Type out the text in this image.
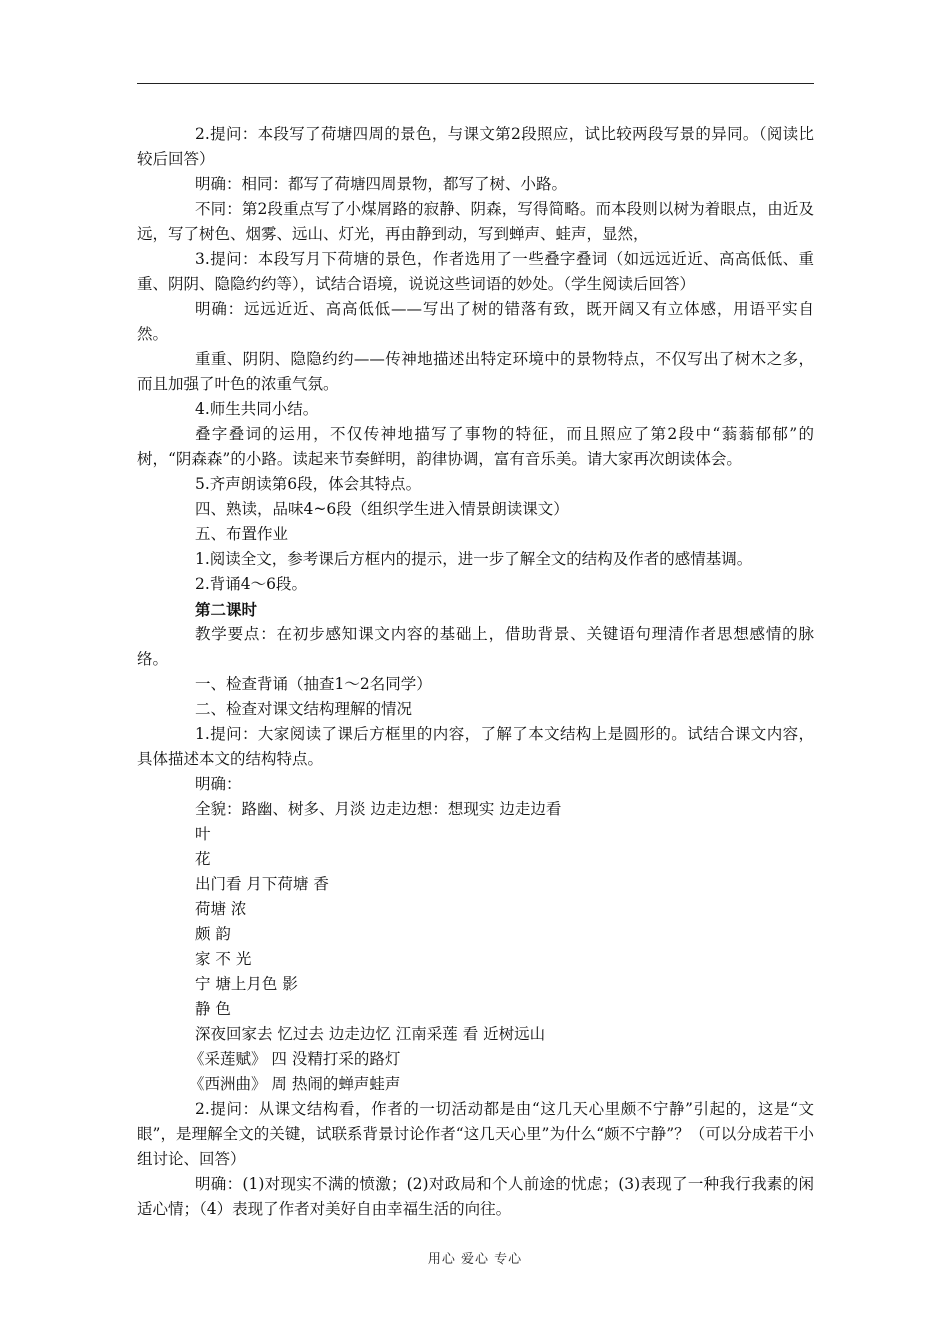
2.提问：本段写了荷塘四周的景色，与课文第2段照应，试比较两段写景的异同。（阅读比较后回答）

明确：相同：都写了荷塘四周景物，都写了树、小路。

不同：第2段重点写了小煤屑路的寂静、阴森，写得简略。而本段则以树为着眼点，由近及远，写了树色、烟雾、远山、灯光，再由静到动，写到蝉声、蛙声，显然，

3.提问：本段写月下荷塘的景色，作者选用了一些叠字叠词（如远远近近、高高低低、重重、阴阴、隐隐约约等），试结合语境，说说这些词语的妙处。（学生阅读后回答）

明确：远远近近、高高低低——写出了树的错落有致，既开阔又有立体感，用语平实自然。

重重、阴阴、隐隐约约——传神地描述出特定环境中的景物特点，不仅写出了树木之多，而且加强了叶色的浓重气氛。

4.师生共同小结。

叠字叠词的运用，不仅传神地描写了事物的特征，而且照应了第2段中“蓊蓊郁郁”的树，“阴森森”的小路。读起来节奏鲜明，韵律协调，富有音乐美。请大家再次朗读体会。

5.齐声朗读第6段，体会其特点。

四、熟读，品味4~6段（组织学生进入情景朗读课文）

五、布置作业

1.阅读全文，参考课后方框内的提示，进一步了解全文的结构及作者的感情基调。

2.背诵4～6段。

第二课时

教学要点：在初步感知课文内容的基础上，借助背景、关键语句理清作者思想感情的脉络。

一、检查背诵（抽查1～2名同学）

二、检查对课文结构理解的情况

1.提问：大家阅读了课后方框里的内容，了解了本文结构上是圆形的。试结合课文内容，具体描述本文的结构特点。

明确：

全貌：路幽、树多、月淡 边走边想：想现实 边走边看

叶

花

出门看 月下荷塘 香

荷塘 浓

颇 韵

家 不 光

宁 塘上月色 影

静 色

深夜回家去 忆过去 边走边忆 江南采莲 看 近树远山

《采莲赋》 四 没精打采的路灯

《西洲曲》 周 热闹的蝉声蛙声

2.提问：从课文结构看，作者的一切活动都是由“这几天心里颇不宁静”引起的，这是“文眼”，是理解全文的关键，试联系背景讨论作者“这几天心里”为什么“颇不宁静”？（可以分成若干小组讨论、回答）

明确：(1)对现实不满的愤激；(2)对政局和个人前途的忧虑；(3)表现了一种我行我素的闲适心情；（4）表现了作者对美好自由幸福生活的向往。

用心 爱心 专心
